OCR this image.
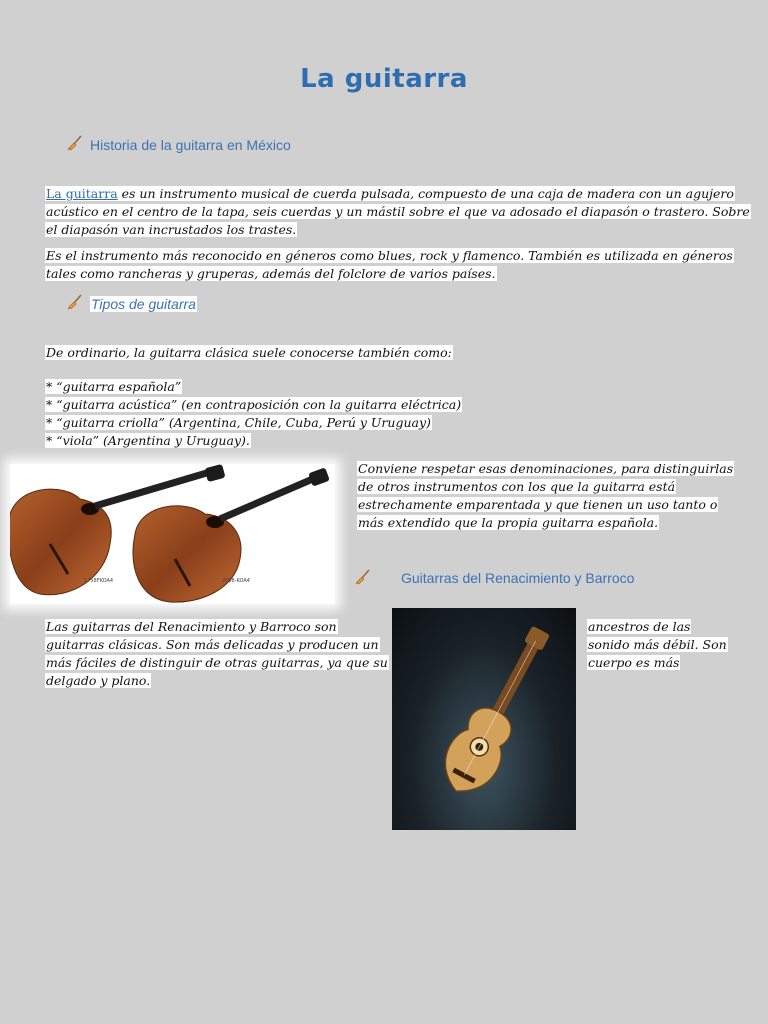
La guitarra
Historia de la guitarra en México
La guitarra es un instrumento musical de cuerda pulsada, compuesto de una caja de madera con un agujero
acústico en el centro de la tapa, seis cuerdas y un mástil sobre el que va adosado el diapasón o trastero. Sobre
el diapasón van incrustados los trastes.
Es el instrumento más reconocido en géneros como blues, rock y flamenco. También es utilizada en géneros
tales como rancheras y gruperas, además del folclore de varios países.
Tipos de guitarra
De ordinario, la guitarra clásica suele conocerse también como:
* “guitarra española”
* “guitarra acústica” (en contraposición con la guitarra eléctrica)
* “guitarra criolla” (Argentina, Chile, Cuba, Perú y Uruguay)
* “viola” (Argentina y Uruguay).
1758FKOA4	2098-KOA4
Conviene respetar esas denominaciones, para distinguirlas
de otros instrumentos con los que la guitarra está
estrechamente emparentada y que tienen un uso tanto o
más extendido que la propia guitarra española.
Guitarras del Renacimiento y Barroco
Las guitarras del Renacimiento y Barroco son
guitarras clásicas. Son más delicadas y producen un
más fáciles de distinguir de otras guitarras, ya que su
delgado y plano.
ancestros de las
sonido más débil. Son
cuerpo es más
